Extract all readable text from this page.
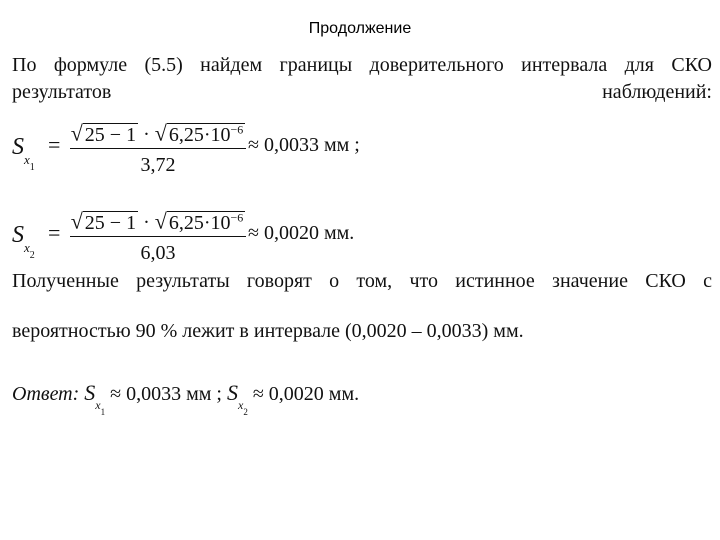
Продолжение
По формуле (5.5) найдем границы доверительного интервала для СКО результатов наблюдений:
$S_{x_1}$
= √ 25 − 1 · √ $6,25\cdot 10^{-6}$
3,72
≈ 0,0033 мм ;
$S_{x_2}$
= √ 25 − 1 · √ $6,25\cdot 10^{-6}$
6,03
≈ 0,0020 мм.
Полученные результаты говорят о том, что истинное значение СКО с
вероятностью 90 % лежит в интервале (0,0020 – 0,0033) мм.
Ответ: $S_{x_1} \approx 0,0033$ мм ; $S_{x_2} \approx 0,0020$ мм.
